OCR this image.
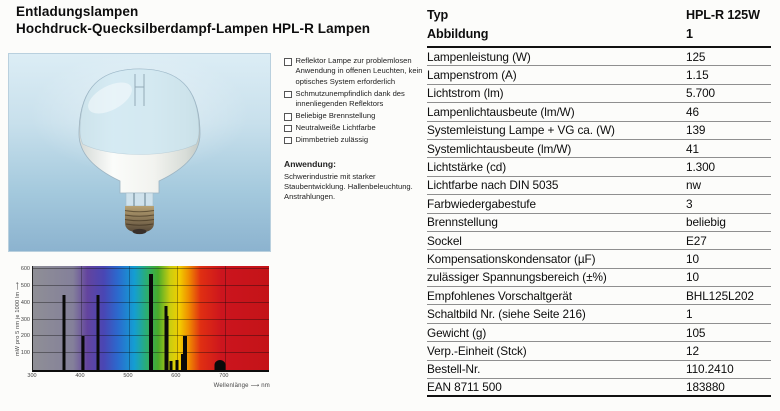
Entladungslampen
Hochdruck-Quecksilberdampf-Lampen HPL-R Lampen
Reflektor Lampe zur problemlosen Anwendung in offenen Leuchten, kein optisches System erforderlich
Schmutzunempfindlich dank des innenliegenden Reflektors
Beliebige Brennstellung
Neutralweiße Lichtfarbe
Dimmbetrieb zulässig
Anwendung:
Schwerindustrie mit starker Staubentwicklung. Hallenbeleuchtung. Anstrahlungen.
mW pro 5 nm je 1000 lm ⟶
Wellenlänge ⟶ nm
100
200
300
400
500
600
300	400	500	600	700
Typ	HPL-R 125W
Abbildung	1
Lampenleistung (W)	125
Lampenstrom (A)	1.15
Lichtstrom (lm)	5.700
Lampenlichtausbeute (lm/W)	46
Systemleistung Lampe + VG ca. (W)	139
Systemlichtausbeute (lm/W)	41
Lichtstärke (cd)	1.300
Lichtfarbe nach DIN 5035	nw
Farbwiedergabestufe	3
Brennstellung	beliebig
Sockel	E27
Kompensationskondensator (µF)	10
zulässiger Spannungsbereich (±%)	10
Empfohlenes Vorschaltgerät	BHL125L202
Schaltbild Nr. (siehe Seite 216)	1
Gewicht (g)	105
Verp.-Einheit (Stck)	12
Bestell-Nr.	110.2410
EAN 8711 500	183880
